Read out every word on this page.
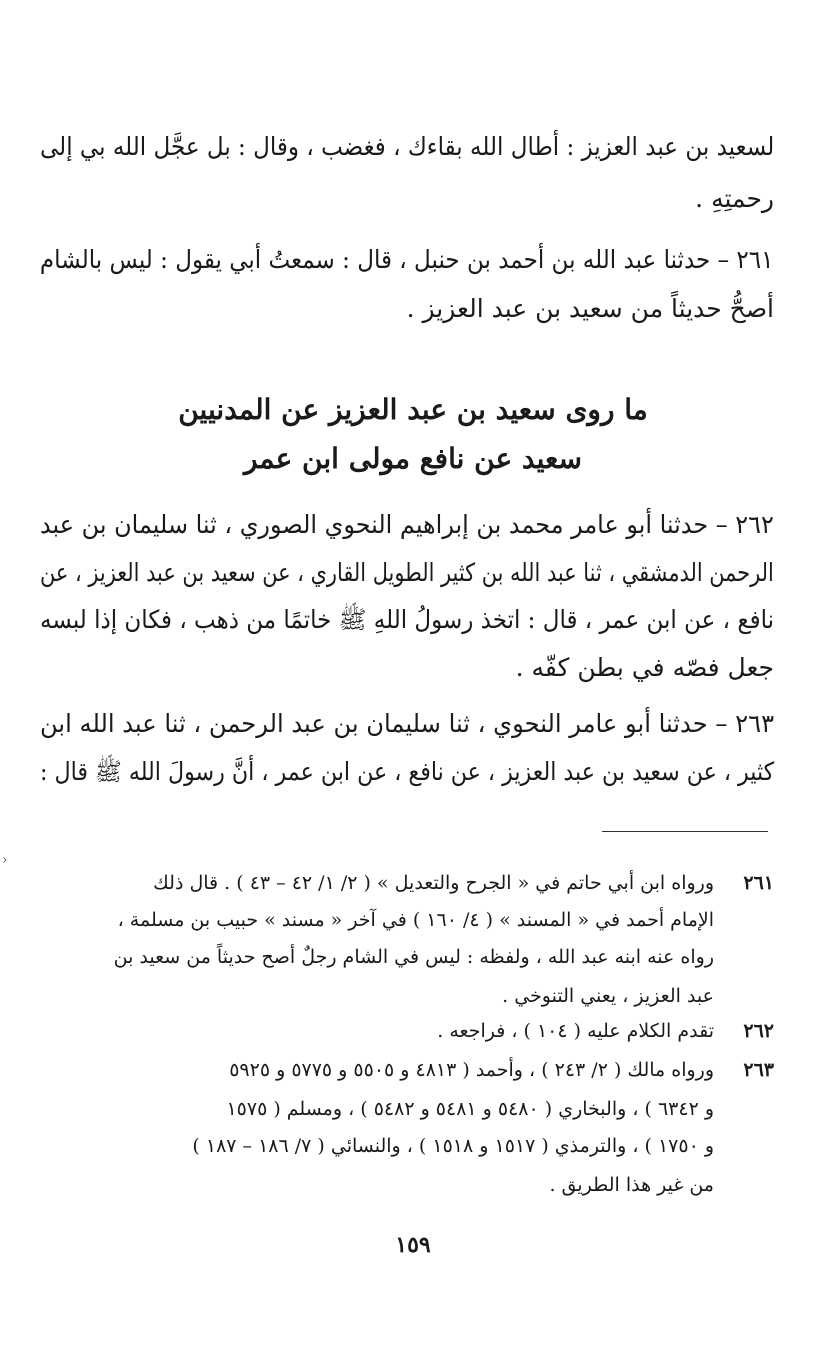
لسعيد بن عبد العزيز : أطال الله بقاءك ، فغضب ، وقال : بل عجَّل الله بي إلى
رحمتِهِ .
٢٦١ – حدثنا عبد الله بن أحمد بن حنبل ، قال : سمعتُ أبي يقول : ليس بالشام
أصحُّ حديثاً من سعيد بن عبد العزيز .
ما روى سعيد بن عبد العزيز عن المدنيين
سعيد عن نافع مولى ابن عمر
٢٦٢ – حدثنا أبو عامر محمد بن إبراهيم النحوي الصوري ، ثنا سليمان بن عبد
الرحمن الدمشقي ، ثنا عبد الله بن كثير الطويل القاري ، عن سعيد بن عبد العزيز ، عن
نافع ، عن ابن عمر ، قال : اتخذ رسولُ اللهِ ﷺ خاتمًا من ذهب ، فكان إذا لبسه
جعل فصّه في بطن كفّه .
٢٦٣ – حدثنا أبو عامر النحوي ، ثنا سليمان بن عبد الرحمن ، ثنا عبد الله ابن
كثير ، عن سعيد بن عبد العزيز ، عن نافع ، عن ابن عمر ، أنَّ رسولَ الله ﷺ قال :
›
٢٦١
ورواه ابن أبي حاتم في « الجرح والتعديل » ( ٢/ ١/ ٤٢ – ٤٣ ) . قال ذلك
الإمام أحمد في « المسند » ( ٤/ ١٦٠ ) في آخر « مسند » حبيب بن مسلمة ،
رواه عنه ابنه عبد الله ، ولفظه : ليس في الشام رجلٌ أصح حديثاً من سعيد بن
عبد العزيز ، يعني التنوخي .
٢٦٢
تقدم الكلام عليه ( ١٠٤ ) ، فراجعه .
٢٦٣
ورواه مالك ( ٢/ ٢٤٣ ) ، وأحمد ( ٤٨١٣ و ٥٥٠٥ و ٥٧٧٥ و ٥٩٢٥
و ٦٣٤٢ ) ، والبخاري ( ٥٤٨٠ و ٥٤٨١ و ٥٤٨٢ ) ، ومسلم ( ١٥٧٥
و ١٧٥٠ ) ، والترمذي ( ١٥١٧ و ١٥١٨ ) ، والنسائي ( ٧/ ١٨٦ – ١٨٧ )
من غير هذا الطريق .
١٥٩
